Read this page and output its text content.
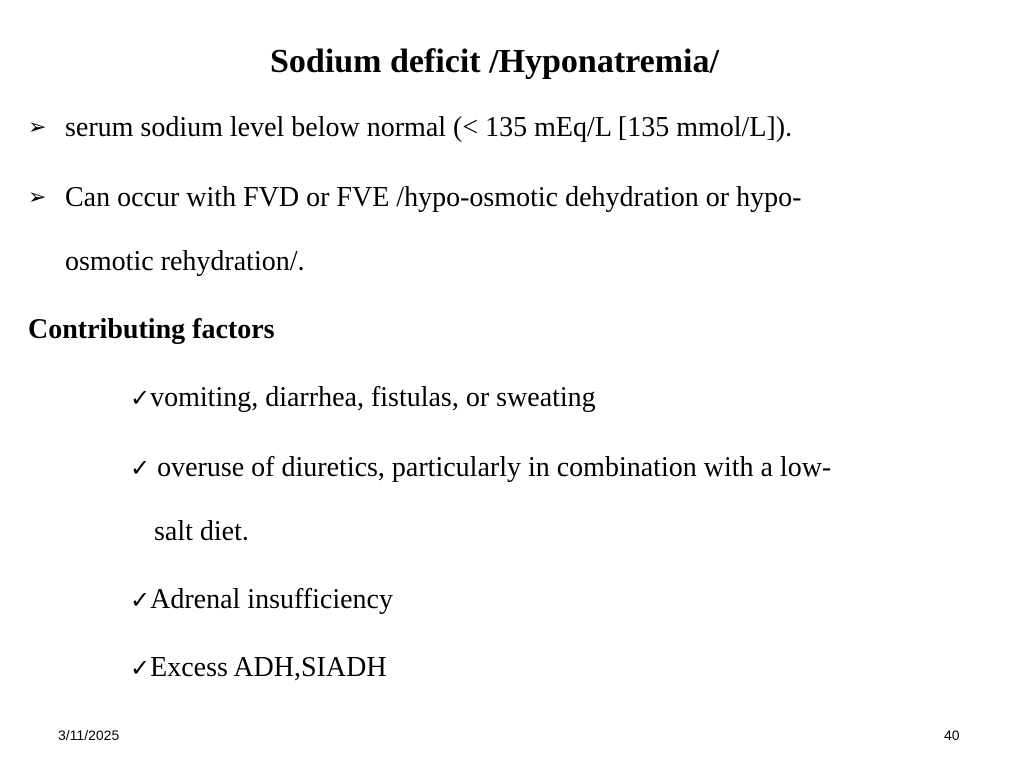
Sodium deficit /Hyponatremia/
➢ serum sodium level below normal (< 135 mEq/L [135 mmol/L]).
➢ Can occur with FVD or FVE /hypo-osmotic dehydration or hypo-
osmotic rehydration/.
Contributing factors
✓vomiting, diarrhea, fistulas, or sweating
✓ overuse of diuretics, particularly in combination with a low-
salt diet.
✓Adrenal insufficiency
✓Excess ADH,SIADH
3/11/2025	40
